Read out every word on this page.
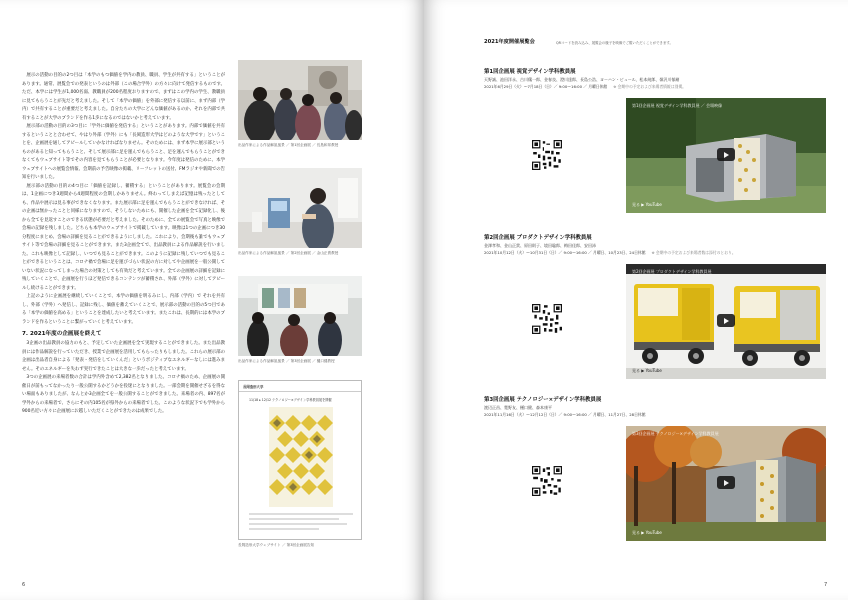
展示の活動の目的の2つ目は「本学のもつ価値を学内の教員、職員、学生が共有する」ということがあります。通常、展覧会での発表というのは外部（この場合学外）の方々に向けて発信するものです。ただ、本学には学生が1,000名弱、教職員が200名程度おりますので、まずはこの学内の学生、教職員に見てもらうことが先だと考えました。そして「本学の価値」を外部に発信する以前に、まず内部（学内）で共有することが重要だと考えました。自分たちの大学にどんな価値があるのか、それを内部で共有することが大学のブランドを作る1歩になるのではないかと考えています。

展示部の活動の目的の3つ目に「学外に価値を発信する」ということがあります。内部で価値を共有するということと合わせて、やはり外部（学外）にも「長岡造形大学はどのような大学です」ということを、企画展を通してアピールしていかなければなりません。そのためには、まず本学に展示部というものがあると知ってもらうこと、そして展示部に足を運んでもらうこと、足を運んでもらうことができなくてもウェブサイト等でその内容を見てもらうことが必要となります。今年度は発信のために、本学ウェブサイトへの展覧会情報、会期前の予告映像の掲載、リーフレットの送付、FMラジオや新聞での告知を行いました。

展示部の活動の目的の4つ目に「価値を記録し、蓄積する」ということがあります。展覧会の会期は、1企画につき3週間から4週間程度の会期しかありません。終わってしまえば記憶は残ったとしても、作品や展示は見る事ができなくなります。また展示部に足を運んでもらうことができなければ、その企画は無かったことと同様になりますので、そうしないためにも、開催した企画を全て記録化し、後から全てを見返すことのできる状態が必要だと考えました。そのために、全ての展覧会で写真と映像で会場の記録を残しました。どちらも本学のウェブサイトで掲載しています。映像は1つの企画につき30分程度にまとめ、会場の詳細を見ることができるようにしました。これにより、会期後も誰でもウェブサイト等で会場の詳細を見ることができます。また3企画全てで、出品教員による作品解説を行いました。これも映像として記録し、いつでも見ることができます。このように記録に残していつでも見ることができるということは、コロナ禍で会場に足を運びづらい状況の方に対してや企画展を一般公開していない状況になってしまった場合の対策としても有効だと考えています。全ての企画展の詳細を記録に残していくことで、企画展を行うほど発信できるコンテンツが蓄積され、外部（学外）に対してアピールし続けることができます。

上記のように企画展を継続していくことで、本学の価値を明るみにし、内部（学内）で それを共有し、外部（学外）へ発信し、記録に残し、価値を蓄えていくことで、展示部の活動の目的の5つ目である「本学の価値を高める」ということを達成したいと考えています。またこれは、長期的には本学のブランドを作るということに繋がっていくと考えています。

7. 2021年度の企画展を終えて

3企画の出品教員の協力のもと、予定していた企画展を全て実現することができました。また出品教員には作品解説を行っていただき、授業で企画展を活用してもらったりもしました。これらの展示部の企画は出品者自身による「発表・発信をしていくんだ」というポジティブなエネルギーなしには進みません。そのエネルギーを失わず実行できたことは大きな一歩だったと考えています。

3つの企画展の来場者数の合計は学内外含めて2,382名となりました。コロナ禍のため、企画展の開催日が前もってなかったり一般公開するかどうかを役迷にとなりました。一部会期を開催せざるを得ない場面もありましたが、なんとか3企画全てを一般公開することができました。来場者の内、897名が学外からの来場者で、さらにその内105名が県外からの来場者でした。このような状況下でも学外から900名近い方々に企画展にお越しいただくことができたのは成果でした。

出品作家による作品解説風景 ／ 第1回企画展 ／ 長島和邦教授
出品作家による作品解説風景 ／ 第2回企画展 ／ 金山正貴教授
出品作家による作品解説風景 ／ 第3回企画展 ／ 樋口健教授
長岡造形大学
11/18 ▸ 12/12 テクノロジー×デザイン学科教員展を開催
長岡造形大学ウェブサイト ／ 第3回企画展告知
6
2021年度開催展覧会	QRコードを読み込み、展覧会の様子を映像でご覧いただくことができます。
第1回企画展 視覚デザイン学科教員展
天野誠、池田洋永、古川穣一郎、金春良、澄川達郎、長島公浩、ヨーハン・ピュール、松本純郎、嶺沢川郁緒
2021年6月29日（火）～7月18日（日）／ 9:00～16:00 ／ 月曜日休館 ※ 会期中の予定および来場者情報は別掲。
第1回企画展 視覚デザイン学科教員展 ／ 会場映像
見る ▶ YouTube
第2回企画展 プロダクトデザイン学科教員展
金澤孝和、金山正貴、原田則子、境田聡郎、梅田佳郎、安田沛
2021年10月12日（火）～10月31日（日）／ 9:00～16:00 ／ 月曜日、10月23日、24日休館 ※ 会期中の予定および来場者数は添付のとおり。
第2回企画展 プロダクトデザイン学科教員展
見る ▶ YouTube
第3回企画展 テクノロジー×デザイン学科教員展
渡辺正昌、寛野友、樋口健、森本康平
2021年11月16日（火）～12月12日（日）／ 9:00～16:00 ／ 月曜日、11月27日、28日休館
第3回企画展 テクノロジー×デザイン学科教員展
見る ▶ YouTube
7
